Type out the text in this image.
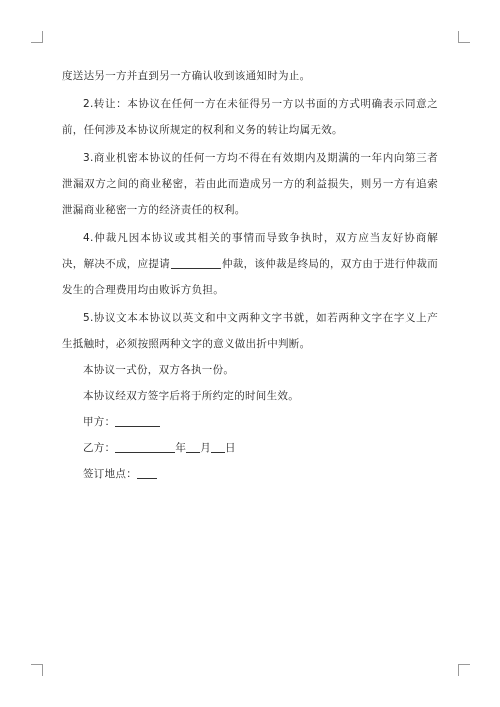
度送达另一方并直到另一方确认收到该通知时为止。

2.转让：本协议在任何一方在未征得另一方以书面的方式明确表示同意之前，任何涉及本协议所规定的权利和义务的转让均属无效。

3.商业机密本协议的任何一方均不得在有效期内及期满的一年内向第三者泄漏双方之间的商业秘密，若由此而造成另一方的利益损失，则另一方有追索泄漏商业秘密一方的经济责任的权利。

4.仲裁凡因本协议或其相关的事情而导致争执时，双方应当友好协商解决，解决不成，应提请	仲裁，该仲裁是终局的，双方由于进行仲裁而发生的合理费用均由败诉方负担。

5.协议文本本协议以英文和中文两种文字书就，如若两种文字在字义上产生抵触时，必须按照两种文字的意义做出折中判断。

本协议一式份，双方各执一份。

本协议经双方签字后将于所约定的时间生效。

甲方：

乙方：	年 月 日

签订地点：
